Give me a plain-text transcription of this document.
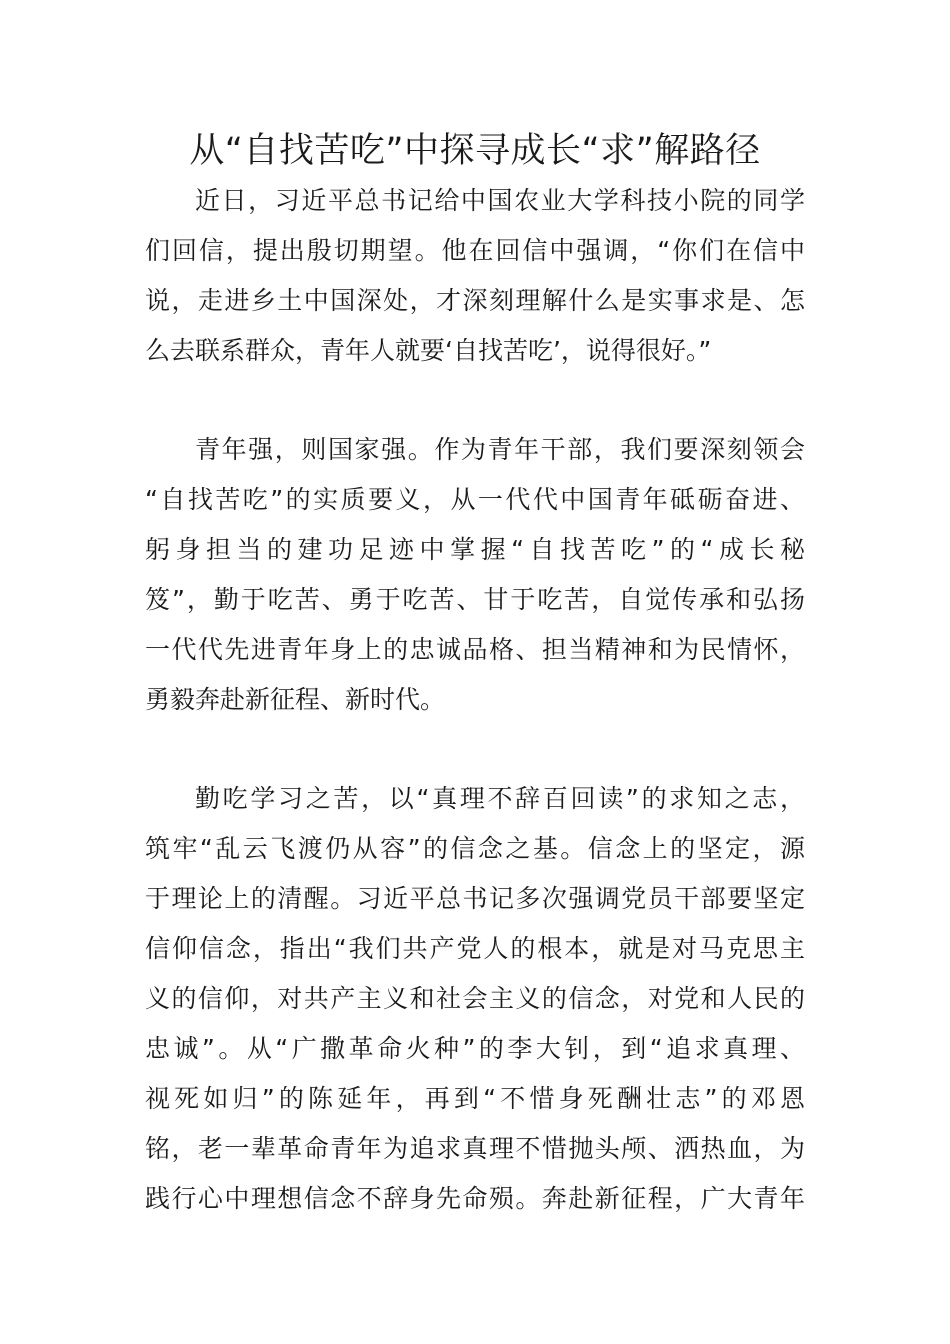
从“自找苦吃”中探寻成长“求”解路径
近日，习近平总书记给中国农业大学科技小院的同学
们回信，提出殷切期望。他在回信中强调，“你们在信中
说，走进乡土中国深处，才深刻理解什么是实事求是、怎
么去联系群众，青年人就要‘自找苦吃’，说得很好。”
青年强，则国家强。作为青年干部，我们要深刻领会
“自找苦吃”的实质要义，从一代代中国青年砥砺奋进、
躬身担当的建功足迹中掌握“自找苦吃”的“成长秘
笈”，勤于吃苦、勇于吃苦、甘于吃苦，自觉传承和弘扬
一代代先进青年身上的忠诚品格、担当精神和为民情怀，
勇毅奔赴新征程、新时代。
勤吃学习之苦，以“真理不辞百回读”的求知之志，
筑牢“乱云飞渡仍从容”的信念之基。信念上的坚定，源
于理论上的清醒。习近平总书记多次强调党员干部要坚定
信仰信念，指出“我们共产党人的根本，就是对马克思主
义的信仰，对共产主义和社会主义的信念，对党和人民的
忠诚”。从“广撒革命火种”的李大钊，到“追求真理、
视死如归”的陈延年，再到“不惜身死酬壮志”的邓恩
铭，老一辈革命青年为追求真理不惜抛头颅、洒热血，为
践行心中理想信念不辞身先命殒。奔赴新征程，广大青年
